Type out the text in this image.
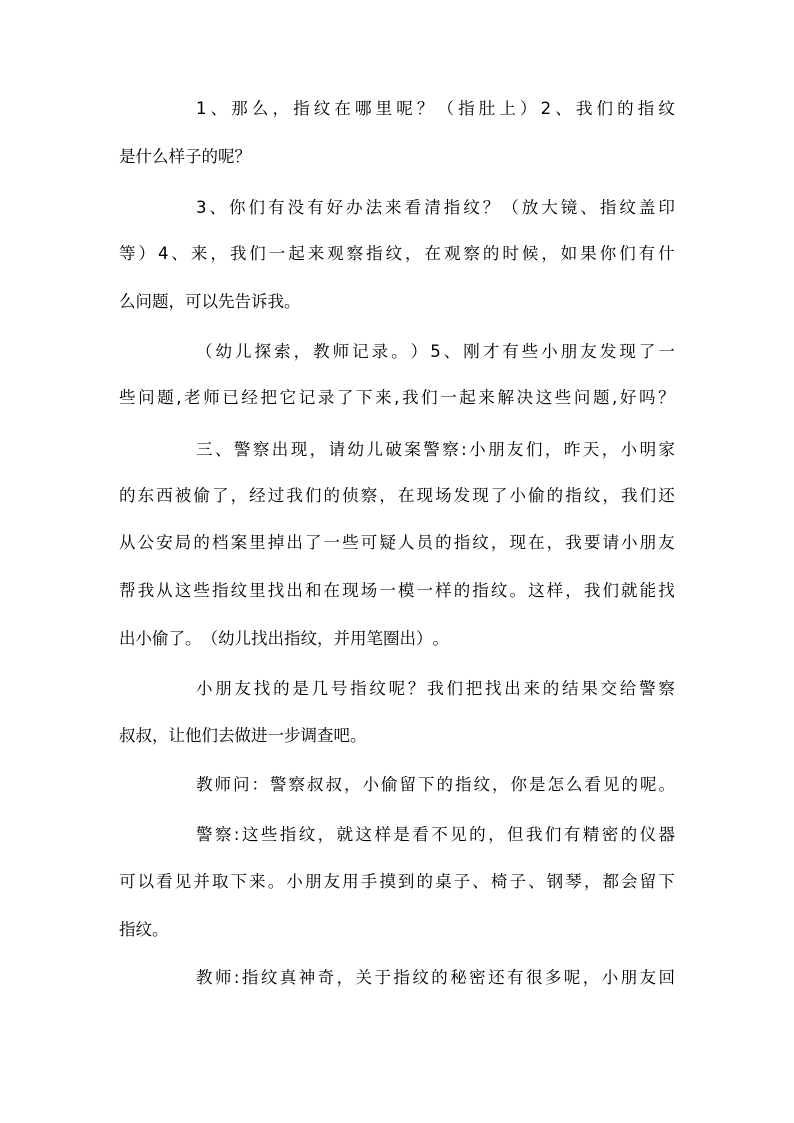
1 、 那 么 ， 指 纹 在 哪 里 呢 ？ （ 指 肚 上 ） 2 、 我 们 的 指 纹
是 什 么 样 子 的 呢 ？
3 、 你 们 有 没 有 好 办 法 来 看 清 指 纹 ？ （ 放 大 镜 、 指 纹 盖 印
等 ） 4 、 来 ， 我 们 一 起 来 观 察 指 纹 ， 在 观 察 的 时 候 ， 如 果 你 们 有 什
么 问 题 ， 可 以 先 告 诉 我 。
（ 幼 儿 探 索 ， 教 师 记 录 。 ） 5 、 刚 才 有 些 小 朋 友 发 现 了 一
些 问 题 , 老 师 已 经 把 它 记 录 了 下 来 , 我 们 一 起 来 解 决 这 些 问 题 , 好 吗 ？
三 、 警 察 出 现 ， 请 幼 儿 破 案 警 察 : 小 朋 友 们 ， 昨 天 ， 小 明 家
的 东 西 被 偷 了 ， 经 过 我 们 的 侦 察 ， 在 现 场 发 现 了 小 偷 的 指 纹 ， 我 们 还
从 公 安 局 的 档 案 里 掉 出 了 一 些 可 疑 人 员 的 指 纹 ， 现 在 ， 我 要 请 小 朋 友
帮 我 从 这 些 指 纹 里 找 出 和 在 现 场 一 模 一 样 的 指 纹 。 这 样 ， 我 们 就 能 找
出 小 偷 了 。 （ 幼 儿 找 出 指 纹 ， 并 用 笔 圈 出 ） 。
小 朋 友 找 的 是 几 号 指 纹 呢 ？ 我 们 把 找 出 来 的 结 果 交 给 警 察
叔 叔 ， 让 他 们 去 做 进 一 步 调 查 吧 。
教 师 问 ： 警 察 叔 叔 ， 小 偷 留 下 的 指 纹 ， 你 是 怎 么 看 见 的 呢 。
警 察 : 这 些 指 纹 ， 就 这 样 是 看 不 见 的 ， 但 我 们 有 精 密 的 仪 器
可 以 看 见 并 取 下 来 。 小 朋 友 用 手 摸 到 的 桌 子 、 椅 子 、 钢 琴 ， 都 会 留 下
指 纹 。
教 师 : 指 纹 真 神 奇 ， 关 于 指 纹 的 秘 密 还 有 很 多 呢 ， 小 朋 友 回
